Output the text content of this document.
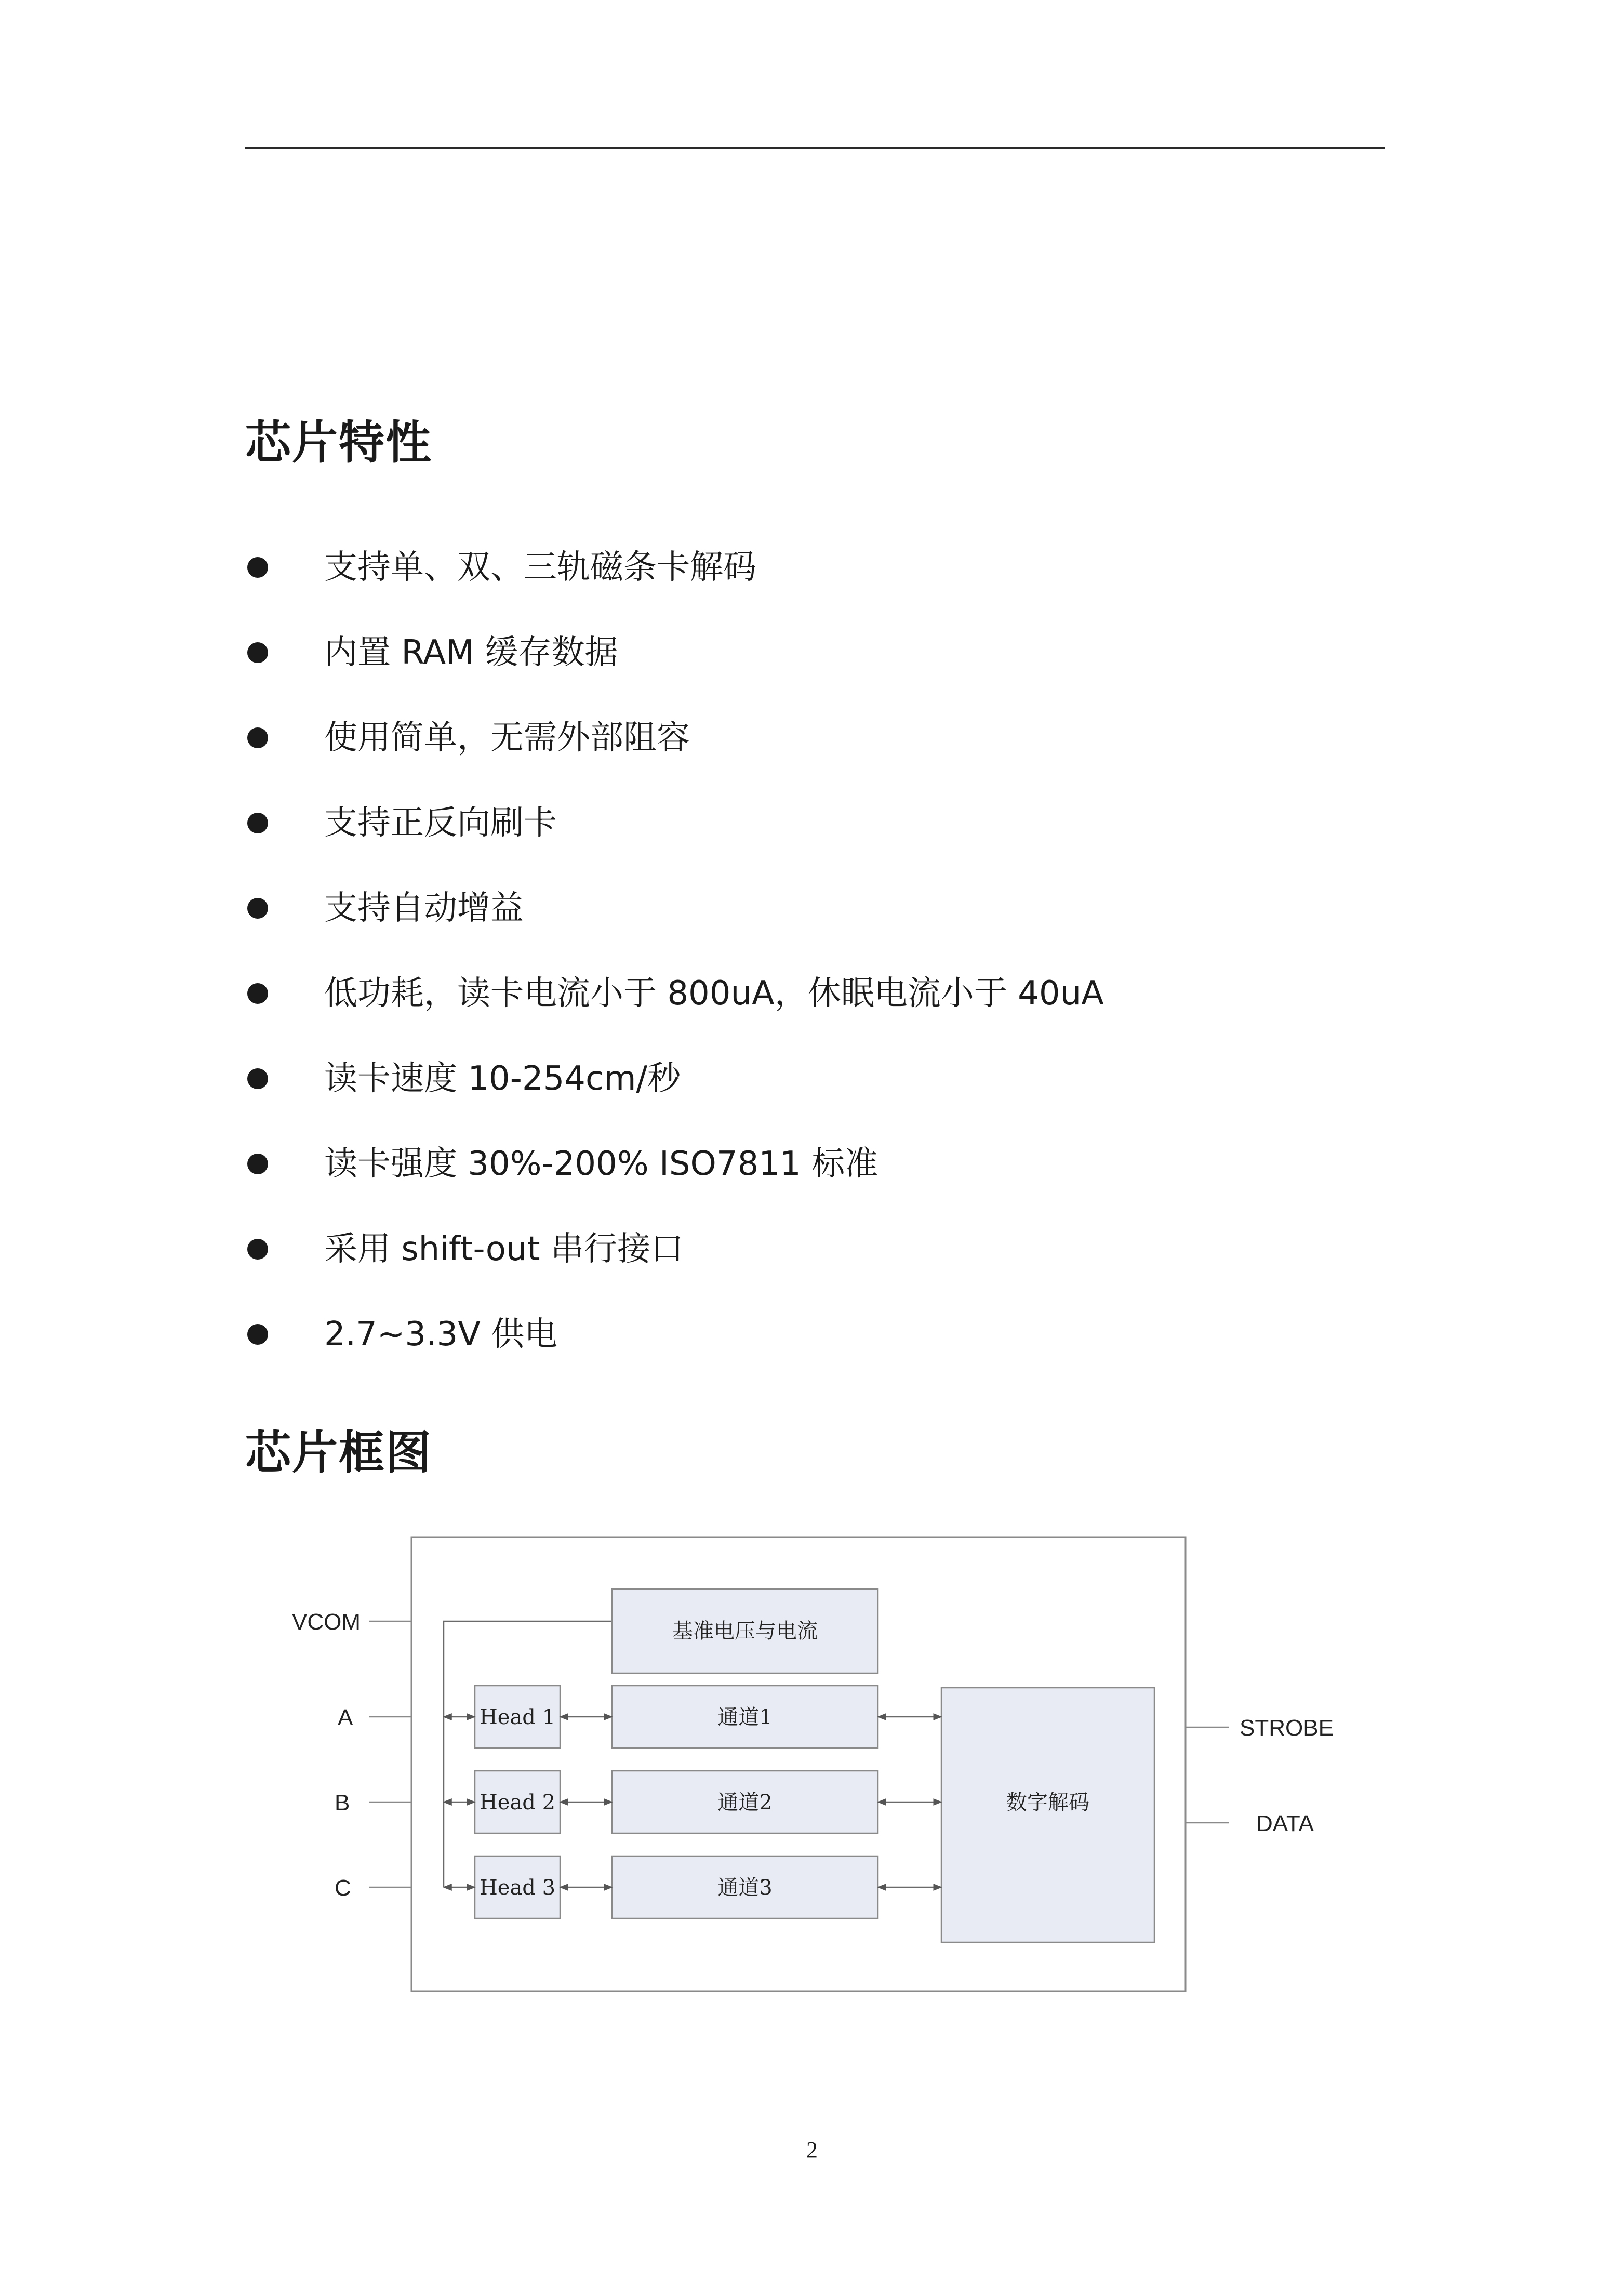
芯片特性
支持单、双、三轨磁条卡解码
内置 RAM 缓存数据
使用简单，无需外部阻容
支持正反向刷卡
支持自动增益
低功耗，读卡电流小于 800uA，休眠电流小于 40uA
读卡速度 10-254cm/秒
读卡强度 30%-200% ISO7811 标准
采用 shift-out 串行接口
2.7~3.3V 供电
芯片框图
VCOM
A
B
C
基准电压与电流
Head 1
Head 2
Head 3
通道1
通道2
通道3
数字解码
STROBE
DATA
2
